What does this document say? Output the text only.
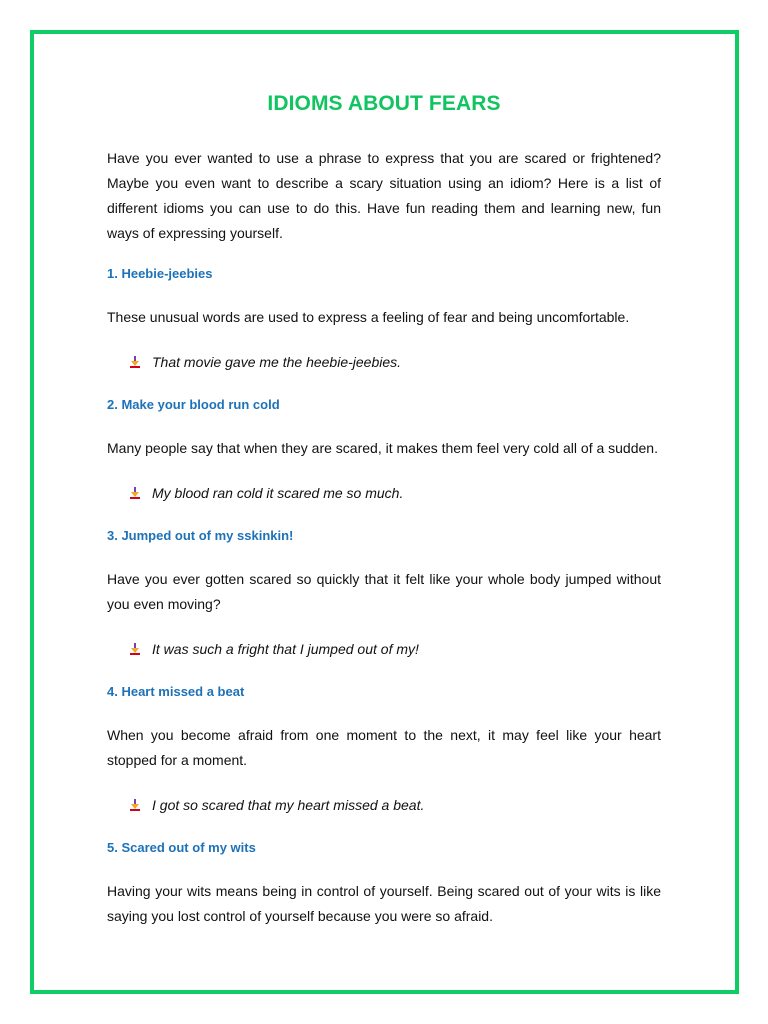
IDIOMS ABOUT FEARS

Have you ever wanted to use a phrase to express that you are scared or frightened? Maybe you even want to describe a scary situation using an idiom? Here is a list of different idioms you can use to do this. Have fun reading them and learning new, fun ways of expressing yourself.

1. Heebie-jeebies

These unusual words are used to express a feeling of fear and being uncomfortable.

That movie gave me the heebie-jeebies.
2. Make your blood run cold

Many people say that when they are scared, it makes them feel very cold all of a sudden.

My blood ran cold it scared me so much.
3. Jumped out of my sskinkin!

Have you ever gotten scared so quickly that it felt like your whole body jumped without you even moving?

It was such a fright that I jumped out of my!
4. Heart missed a beat

When you become afraid from one moment to the next, it may feel like your heart stopped for a moment.

I got so scared that my heart missed a beat.
5. Scared out of my wits

Having your wits means being in control of yourself. Being scared out of your wits is like saying you lost control of yourself because you were so afraid.
